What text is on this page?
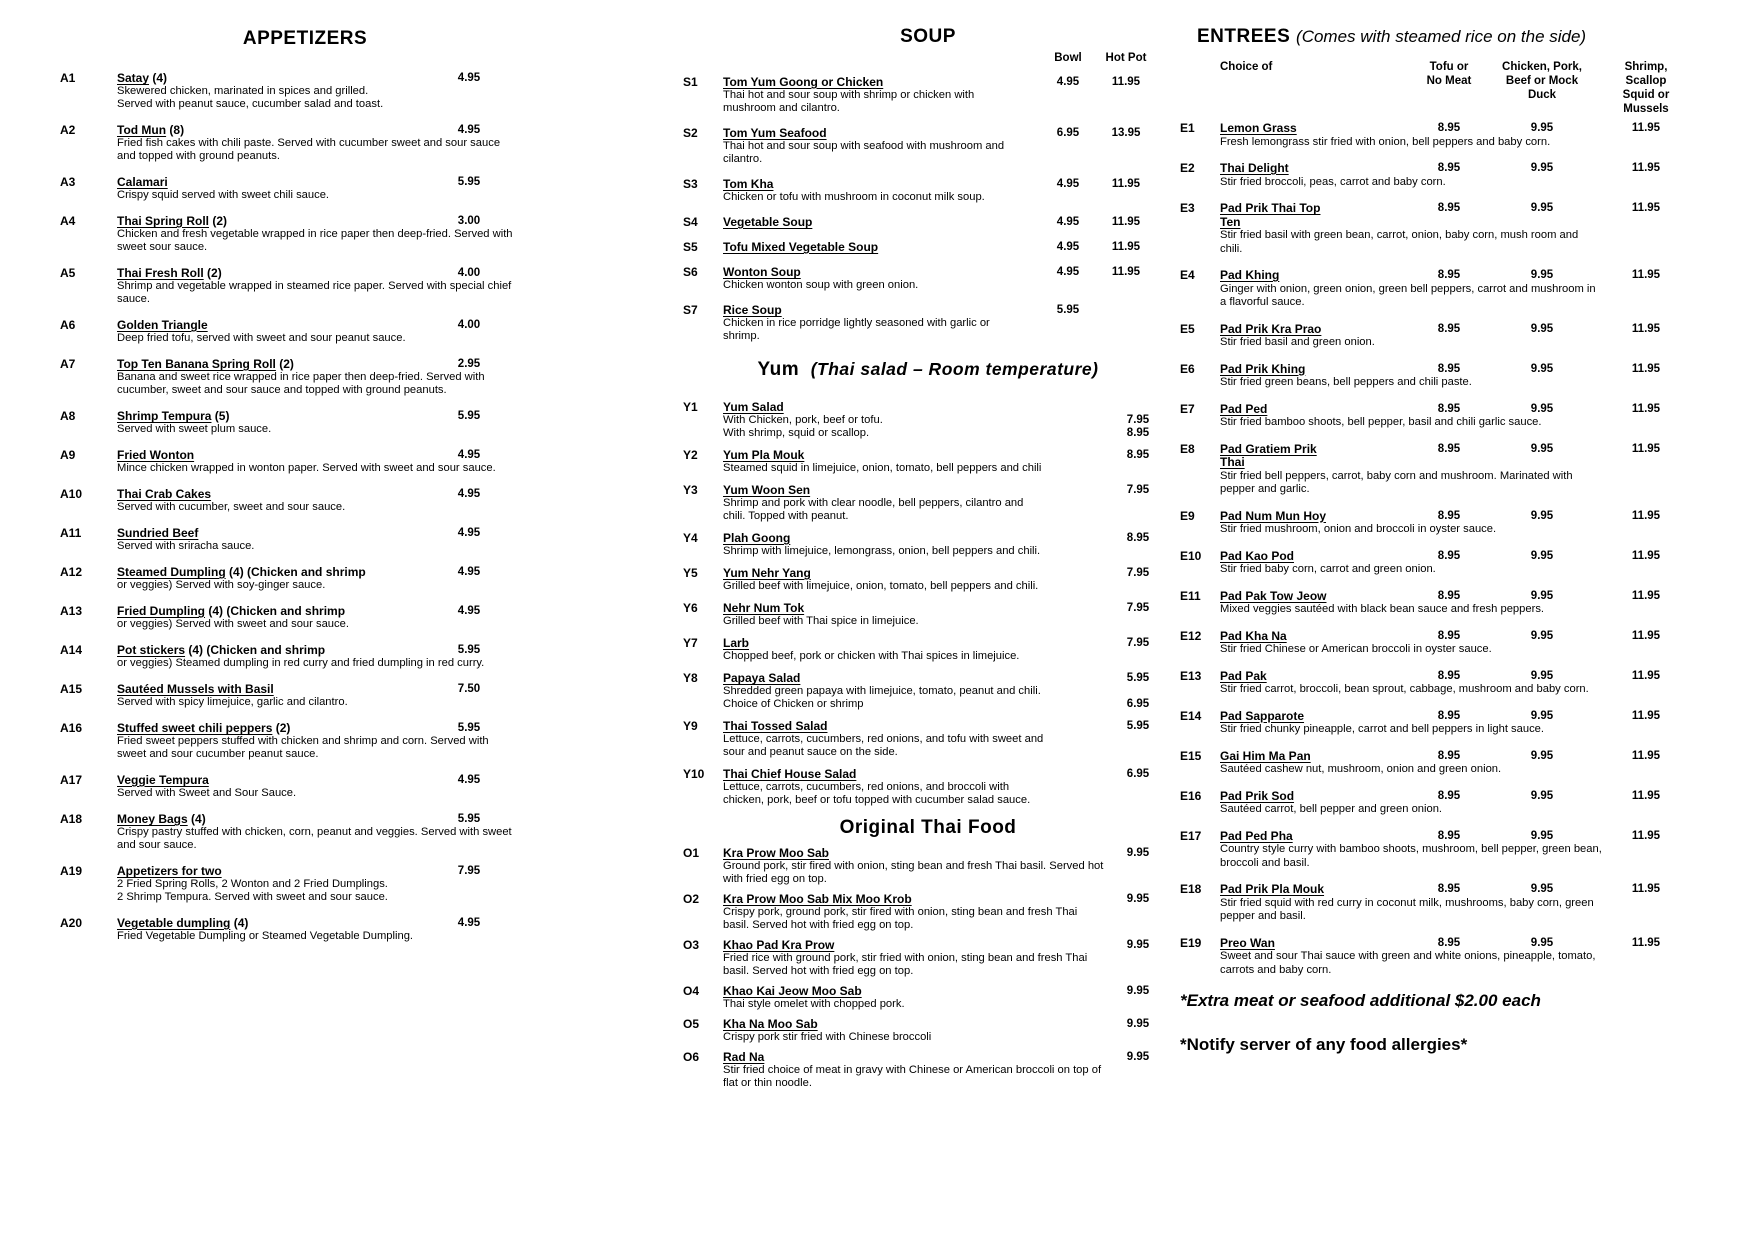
APPETIZERS
A1	Satay (4)
Skewered chicken, marinated in spices and grilled.
Served with peanut sauce, cucumber salad and toast.
4.95
A2	Tod Mun (8)
Fried fish cakes with chili paste. Served with cucumber sweet and sour sauce
and topped with ground peanuts.
4.95
A3	Calamari
Crispy squid served with sweet chili sauce.
5.95
A4	Thai Spring Roll (2)
Chicken and fresh vegetable wrapped in rice paper then deep-fried. Served with
sweet sour sauce.
3.00
A5	Thai Fresh Roll (2)
Shrimp and vegetable wrapped in steamed rice paper. Served with special chief
sauce.
4.00
A6	Golden Triangle
Deep fried tofu, served with sweet and sour peanut sauce.
4.00
A7	Top Ten Banana Spring Roll (2)
Banana and sweet rice wrapped in rice paper then deep-fried. Served with
cucumber, sweet and sour sauce and topped with ground peanuts.
2.95
A8	Shrimp Tempura (5)
Served with sweet plum sauce.
5.95
A9	Fried Wonton
Mince chicken wrapped in wonton paper. Served with sweet and sour sauce.
4.95
A10	Thai Crab Cakes
Served with cucumber, sweet and sour sauce.
4.95
A11	Sundried Beef
Served with sriracha sauce.
4.95
A12	Steamed Dumpling (4) (Chicken and shrimp
or veggies) Served with soy-ginger sauce.
4.95
A13	Fried Dumpling (4) (Chicken and shrimp
or veggies) Served with sweet and sour sauce.
4.95
A14	Pot stickers (4) (Chicken and shrimp
or veggies) Steamed dumpling in red curry and fried dumpling in red curry.
5.95
A15	Sautéed Mussels with Basil
Served with spicy limejuice, garlic and cilantro.
7.50
A16	Stuffed sweet chili peppers (2)
Fried sweet peppers stuffed with chicken and shrimp and corn. Served with
sweet and sour cucumber peanut sauce.
5.95
A17	Veggie Tempura
Served with Sweet and Sour Sauce.
4.95
A18	Money Bags (4)
Crispy pastry stuffed with chicken, corn, peanut and veggies. Served with sweet
and sour sauce.
5.95
A19	Appetizers for two
2 Fried Spring Rolls, 2 Wonton and 2 Fried Dumplings.
2 Shrimp Tempura. Served with sweet and sour sauce.
7.95
A20	Vegetable dumpling (4)
Fried Vegetable Dumpling or Steamed Vegetable Dumpling.
4.95
SOUP
Bowl	Hot Pot
S1 Tom Yum Goong or Chicken
Thai hot and sour soup with shrimp or chicken with
mushroom and cilantro.
4.95	11.95
S2 Tom Yum Seafood
Thai hot and sour soup with seafood with mushroom and
cilantro.
6.95	13.95
S3 Tom Kha
Chicken or tofu with mushroom in coconut milk soup.
4.95	11.95
S4 Vegetable Soup	4.95	11.95
S5 Tofu Mixed Vegetable Soup	4.95	11.95
S6 Wonton Soup
Chicken wonton soup with green onion.
4.95	11.95
S7 Rice Soup
Chicken in rice porridge lightly seasoned with garlic or
shrimp.
5.95
Yum (Thai salad – Room temperature)
Y1 Yum Salad
With Chicken, pork, beef or tofu.
With shrimp, squid or scallop.
7.95
8.95
Y2 Yum Pla Mouk
Steamed squid in limejuice, onion, tomato, bell peppers and chili
8.95
Y3 Yum Woon Sen
Shrimp and pork with clear noodle, bell peppers, cilantro and
chili. Topped with peanut.
7.95
Y4 Plah Goong
Shrimp with limejuice, lemongrass, onion, bell peppers and chili.
8.95
Y5 Yum Nehr Yang
Grilled beef with limejuice, onion, tomato, bell peppers and chili.
7.95
Y6 Nehr Num Tok
Grilled beef with Thai spice in limejuice.
7.95
Y7 Larb
Chopped beef, pork or chicken with Thai spices in limejuice.
7.95
Y8 Papaya Salad
Shredded green papaya with limejuice, tomato, peanut and chili.
Choice of Chicken or shrimp
5.95
6.95
Y9 Thai Tossed Salad
Lettuce, carrots, cucumbers, red onions, and tofu with sweet and
sour and peanut sauce on the side.
5.95
Y10 Thai Chief House Salad
Lettuce, carrots, cucumbers, red onions, and broccoli with
chicken, pork, beef or tofu topped with cucumber salad sauce.
6.95
Original Thai Food
O1 Kra Prow Moo Sab
Ground pork, stir fired with onion, sting bean and fresh Thai basil. Served hot
with fried egg on top.
9.95
O2 Kra Prow Moo Sab Mix Moo Krob
Crispy pork, ground pork, stir fired with onion, sting bean and fresh Thai
basil. Served hot with fried egg on top.
9.95
O3 Khao Pad Kra Prow
Fried rice with ground pork, stir fried with onion, sting bean and fresh Thai
basil. Served hot with fried egg on top.
9.95
O4 Khao Kai Jeow Moo Sab
Thai style omelet with chopped pork.
9.95
O5 Kha Na Moo Sab
Crispy pork stir fried with Chinese broccoli
9.95
O6 Rad Na
Stir fried choice of meat in gravy with Chinese or American broccoli on top of
flat or thin noodle.
9.95
ENTREES (Comes with steamed rice on the side)
Choice of	Tofu or
No Meat
Chicken, Pork,
Beef or Mock
Duck
Shrimp,
Scallop
Squid or
Mussels
E1 Lemon Grass
Fresh lemongrass stir fried with onion, bell peppers and baby corn.
8.95	9.95	11.95
E2 Thai Delight
Stir fried broccoli, peas, carrot and baby corn.
8.95	9.95	11.95
E3 Pad Prik Thai Top
Ten
Stir fried basil with green bean, carrot, onion, baby corn, mush room and
chili.
8.95	9.95	11.95
E4 Pad Khing
Ginger with onion, green onion, green bell peppers, carrot and mushroom in
a flavorful sauce.
8.95	9.95	11.95
E5 Pad Prik Kra Prao
Stir fried basil and green onion.
8.95	9.95	11.95
E6 Pad Prik Khing
Stir fried green beans, bell peppers and chili paste.
8.95	9.95	11.95
E7 Pad Ped
Stir fried bamboo shoots, bell pepper, basil and chili garlic sauce.
8.95	9.95	11.95
E8 Pad Gratiem Prik
Thai
Stir fried bell peppers, carrot, baby corn and mushroom. Marinated with
pepper and garlic.
8.95	9.95	11.95
E9 Pad Num Mun Hoy
Stir fried mushroom, onion and broccoli in oyster sauce.
8.95	9.95	11.95
E10 Pad Kao Pod
Stir fried baby corn, carrot and green onion.
8.95	9.95	11.95
E11 Pad Pak Tow Jeow
Mixed veggies sautéed with black bean sauce and fresh peppers.
8.95	9.95	11.95
E12 Pad Kha Na
Stir fried Chinese or American broccoli in oyster sauce.
8.95	9.95	11.95
E13 Pad Pak
Stir fried carrot, broccoli, bean sprout, cabbage, mushroom and baby corn.
8.95	9.95	11.95
E14 Pad Sapparote
Stir fried chunky pineapple, carrot and bell peppers in light sauce.
8.95	9.95	11.95
E15 Gai Him Ma Pan
Sautéed cashew nut, mushroom, onion and green onion.
8.95	9.95	11.95
E16 Pad Prik Sod
Sautéed carrot, bell pepper and green onion.
8.95	9.95	11.95
E17 Pad Ped Pha
Country style curry with bamboo shoots, mushroom, bell pepper, green bean,
broccoli and basil.
8.95	9.95	11.95
E18 Pad Prik Pla Mouk
Stir fried squid with red curry in coconut milk, mushrooms, baby corn, green
pepper and basil.
8.95	9.95	11.95
E19 Preo Wan
Sweet and sour Thai sauce with green and white onions, pineapple, tomato,
carrots and baby corn.
8.95	9.95	11.95

*Extra meat or seafood additional $2.00 each

*Notify server of any food allergies*
